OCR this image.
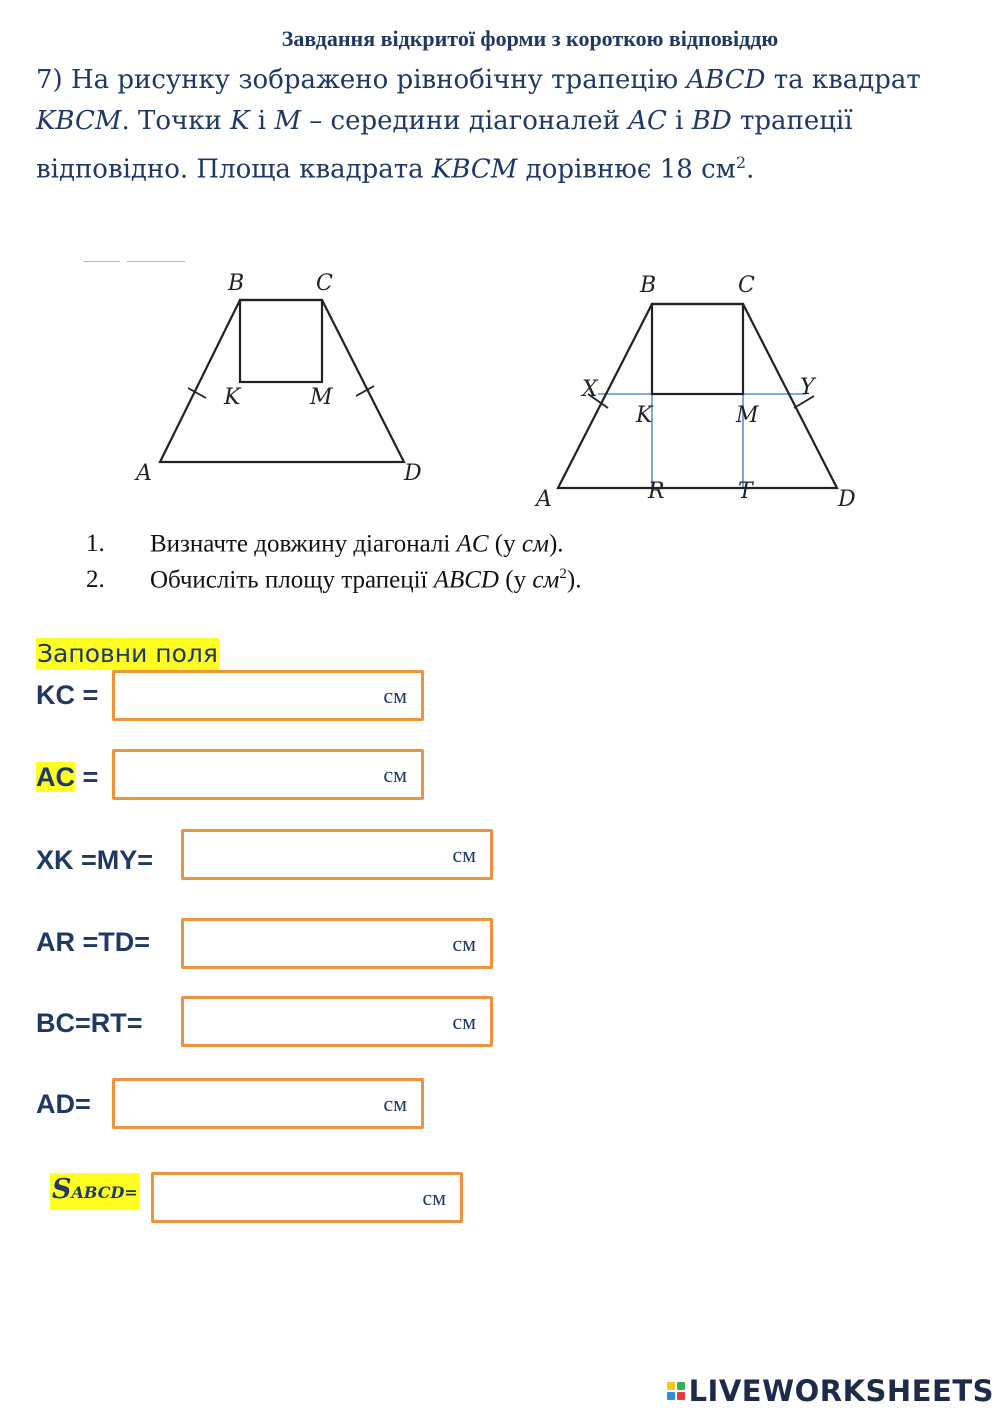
Завдання відкритої форми з короткою відповіддю
7) На рисунку зображено рівнобічну трапецію ABCD та квадрат KBCM. Точки K і M – середини діагоналей AC і BD трапеції відповідно. Площа квадрата KBCM дорівнює 18 $см^2$.
B	C
K	M
A	D
B	C
X	Y
K	M
A	R	T	D
1. Визначте довжину діагоналі AC (у см).
2. Обчисліть площу трапеції ABCD (у $см^2$).
Заповни поля
KC =	см
AC =	см
XK =MY=	см
AR =TD=	см
BC=RT=	см
AD=	см
SABCD=	см
LIVEWORKSHEETS
